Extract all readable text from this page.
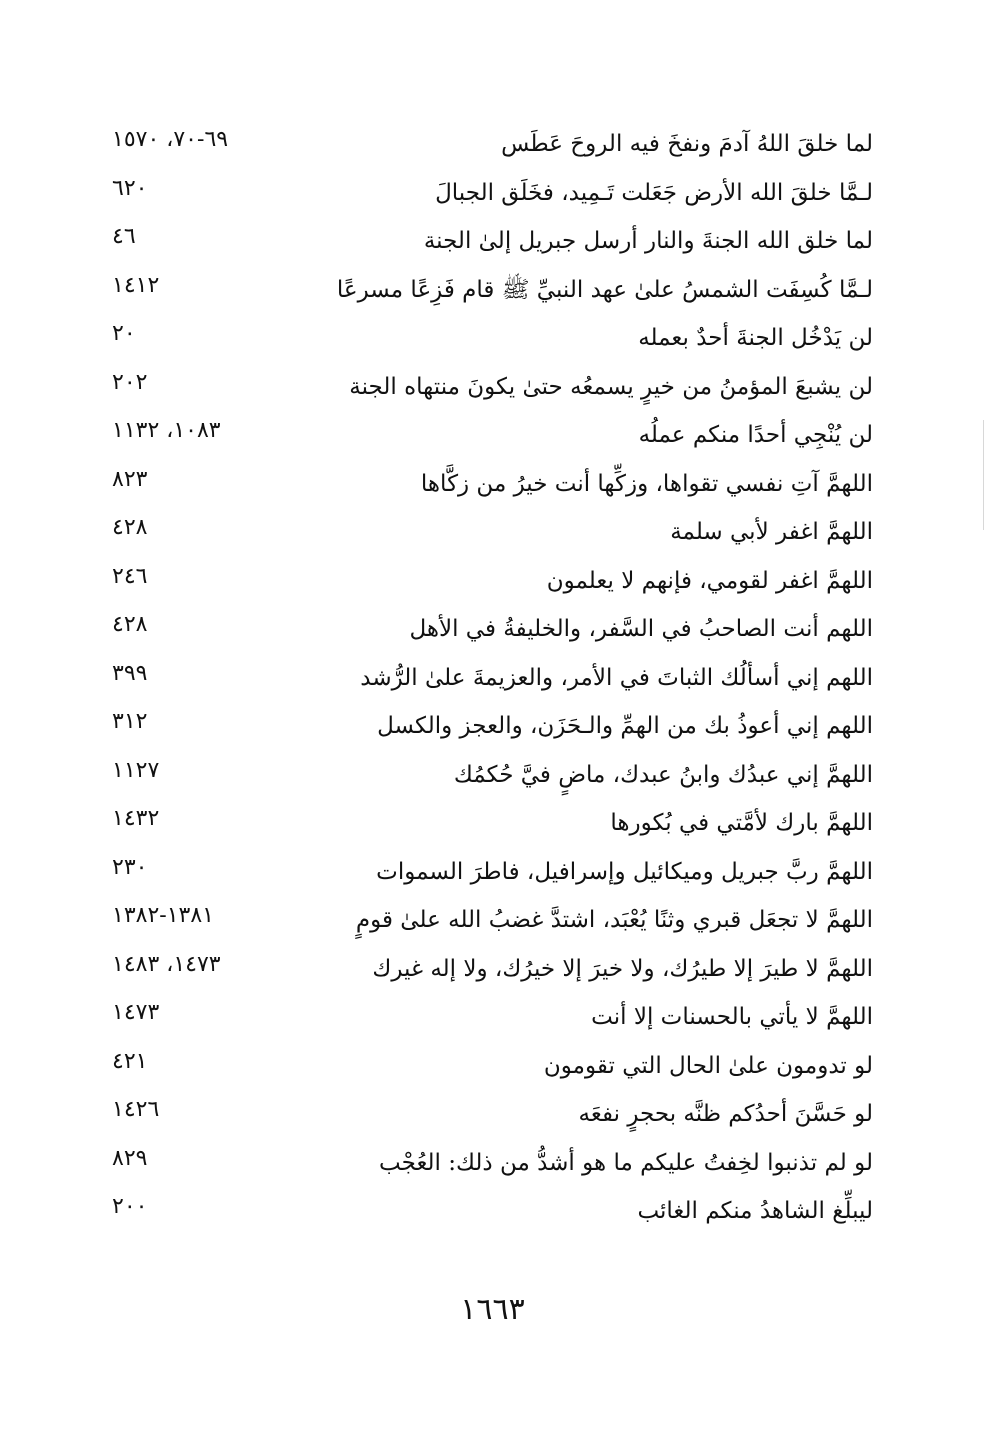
لما خلقَ اللهُ آدمَ ونفخَ فيه الروحَ عَطَس
٦٩-٧٠، ١٥٧٠
لـمَّا خلقَ الله الأرض جَعَلت تَـمِيد، فخَلَق الجبالَ
٦٢٠
لما خلق الله الجنةَ والنار أرسل جبريل إلىٰ الجنة
٤٦
لـمَّا كُسِفَت الشمسُ علىٰ عهد النبيِّ ﷺ قام فَزِعًا مسرعًا
١٤١٢
لن يَدْخُل الجنةَ أحدٌ بعمله
٢٠
لن يشبعَ المؤمنُ من خيرٍ يسمعُه حتىٰ يكونَ منتهاه الجنة
٢٠٢
لن يُنْجِي أحدًا منكم عملُه
١٠٨٣، ١١٣٢
اللهمَّ آتِ نفسي تقواها، وزكِّها أنت خيرُ من زكَّاها
٨٢٣
اللهمَّ اغفر لأبي سلمة
٤٢٨
اللهمَّ اغفر لقومي، فإنهم لا يعلمون
٢٤٦
اللهم أنت الصاحبُ في السَّفر، والخليفةُ في الأهل
٤٢٨
اللهم إني أسألُك الثباتَ في الأمر، والعزيمةَ علىٰ الرُّشد
٣٩٩
اللهم إني أعوذُ بك من الهمِّ والـحَزَن، والعجز والكسل
٣١٢
اللهمَّ إني عبدُك وابنُ عبدك، ماضٍ فيَّ حُكمُك
١١٢٧
اللهمَّ بارك لأمَّتي في بُكورها
١٤٣٢
اللهمَّ ربَّ جبريل وميكائيل وإسرافيل، فاطرَ السموات
٢٣٠
اللهمَّ لا تجعَل قبري وثنًا يُعْبَد، اشتدَّ غضبُ الله علىٰ قومٍ
١٣٨١-١٣٨٢
اللهمَّ لا طيرَ إلا طيرُك، ولا خيرَ إلا خيرُك، ولا إله غيرك
١٤٧٣، ١٤٨٣
اللهمَّ لا يأتي بالحسنات إلا أنت
١٤٧٣
لو تدومون علىٰ الحال التي تقومون
٤٢١
لو حَسَّنَ أحدُكم ظنَّه بحجرٍ نفعَه
١٤٢٦
لو لم تذنبوا لخِفتُ عليكم ما هو أشدُّ من ذلك: العُجْب
٨٢٩
ليبلِّغ الشاهدُ منكم الغائب
٢٠٠
١٦٦٣
